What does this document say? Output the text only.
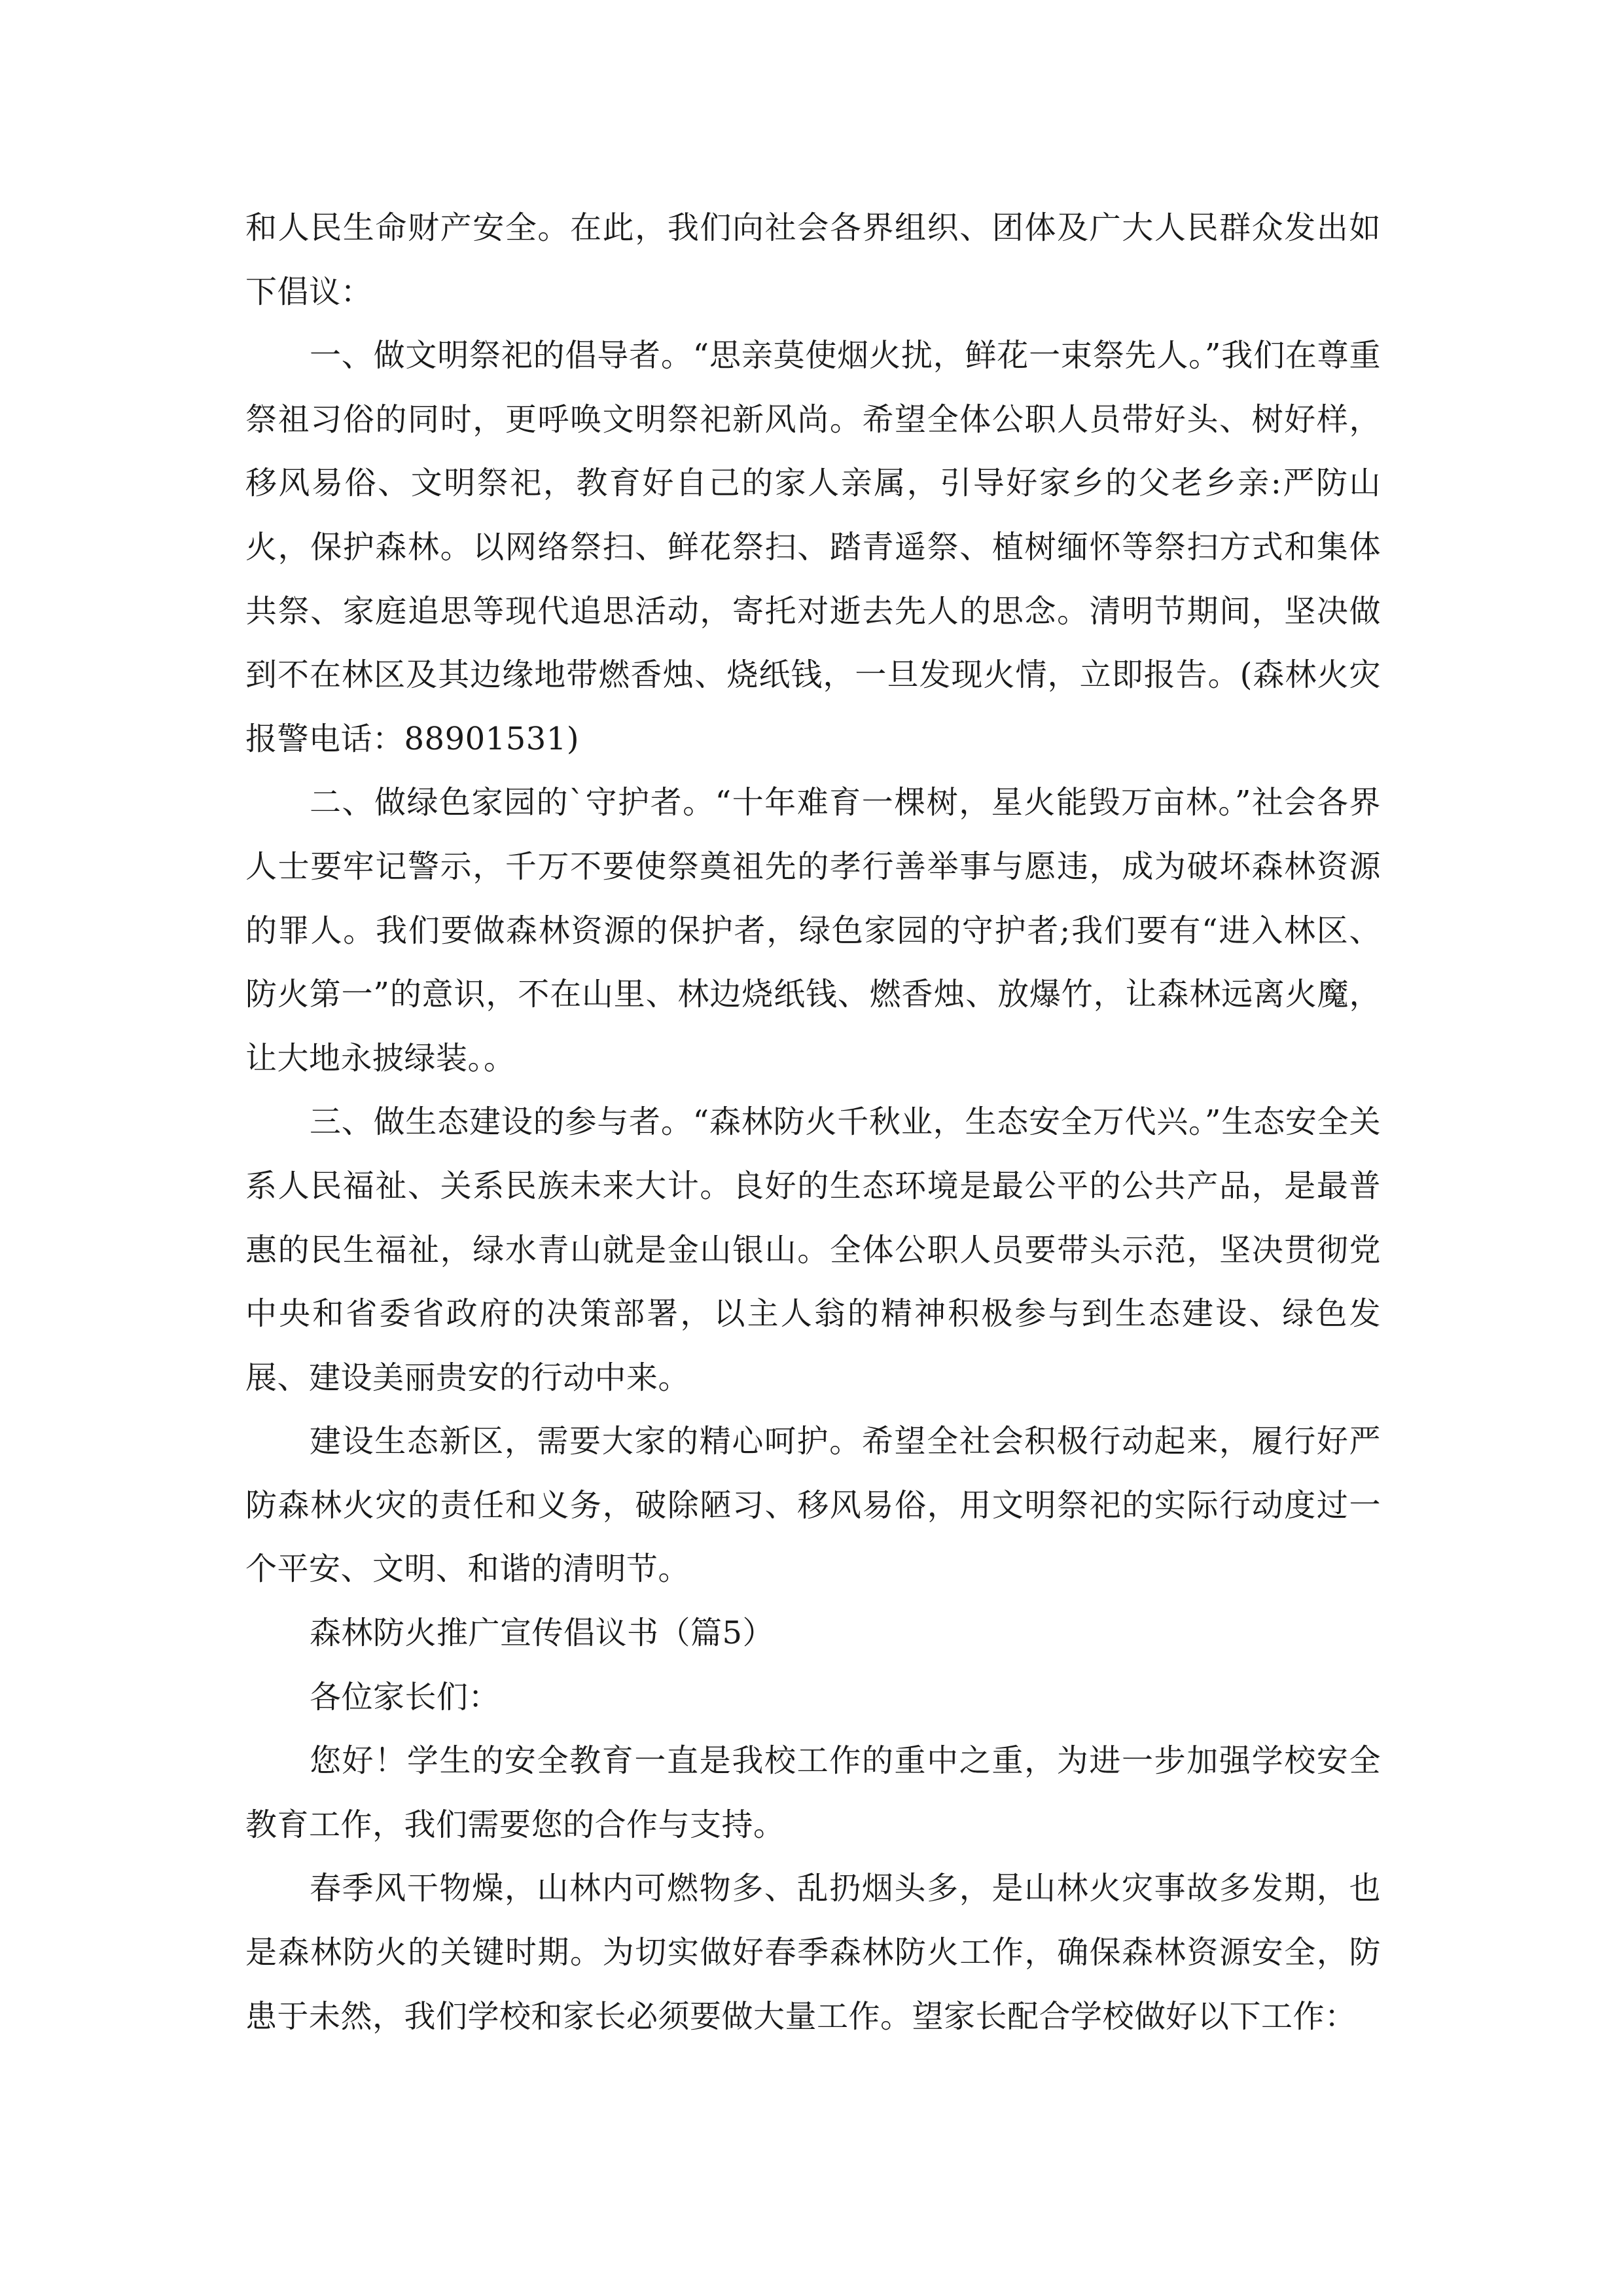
和人民生命财产安全。在此，我们向社会各界组织、团体及广大人民群众发出如下倡议：

一、做文明祭祀的倡导者。“思亲莫使烟火扰，鲜花一束祭先人。”我们在尊重祭祖习俗的同时，更呼唤文明祭祀新风尚。希望全体公职人员带好头、树好样，移风易俗、文明祭祀，教育好自己的家人亲属，引导好家乡的父老乡亲:严防山火，保护森林。以网络祭扫、鲜花祭扫、踏青遥祭、植树缅怀等祭扫方式和集体共祭、家庭追思等现代追思活动，寄托对逝去先人的思念。清明节期间，坚决做到不在林区及其边缘地带燃香烛、烧纸钱，一旦发现火情，立即报告。(森林火灾报警电话：88901531)

二、做绿色家园的`守护者。“十年难育一棵树，星火能毁万亩林。”社会各界人士要牢记警示，千万不要使祭奠祖先的孝行善举事与愿违，成为破坏森林资源的罪人。我们要做森林资源的保护者，绿色家园的守护者;我们要有“进入林区、防火第一”的意识，不在山里、林边烧纸钱、燃香烛、放爆竹，让森林远离火魔，让大地永披绿装。。

三、做生态建设的参与者。“森林防火千秋业，生态安全万代兴。”生态安全关系人民福祉、关系民族未来大计。良好的生态环境是最公平的公共产品，是最普惠的民生福祉，绿水青山就是金山银山。全体公职人员要带头示范，坚决贯彻党中央和省委省政府的决策部署，以主人翁的精神积极参与到生态建设、绿色发展、建设美丽贵安的行动中来。

建设生态新区，需要大家的精心呵护。希望全社会积极行动起来，履行好严防森林火灾的责任和义务，破除陋习、移风易俗，用文明祭祀的实际行动度过一个平安、文明、和谐的清明节。

森林防火推广宣传倡议书（篇5）

各位家长们：

您好！学生的安全教育一直是我校工作的重中之重，为进一步加强学校安全教育工作，我们需要您的合作与支持。

春季风干物燥，山林内可燃物多、乱扔烟头多，是山林火灾事故多发期，也是森林防火的关键时期。为切实做好春季森林防火工作，确保森林资源安全，防患于未然，我们学校和家长必须要做大量工作。望家长配合学校做好以下工作：
